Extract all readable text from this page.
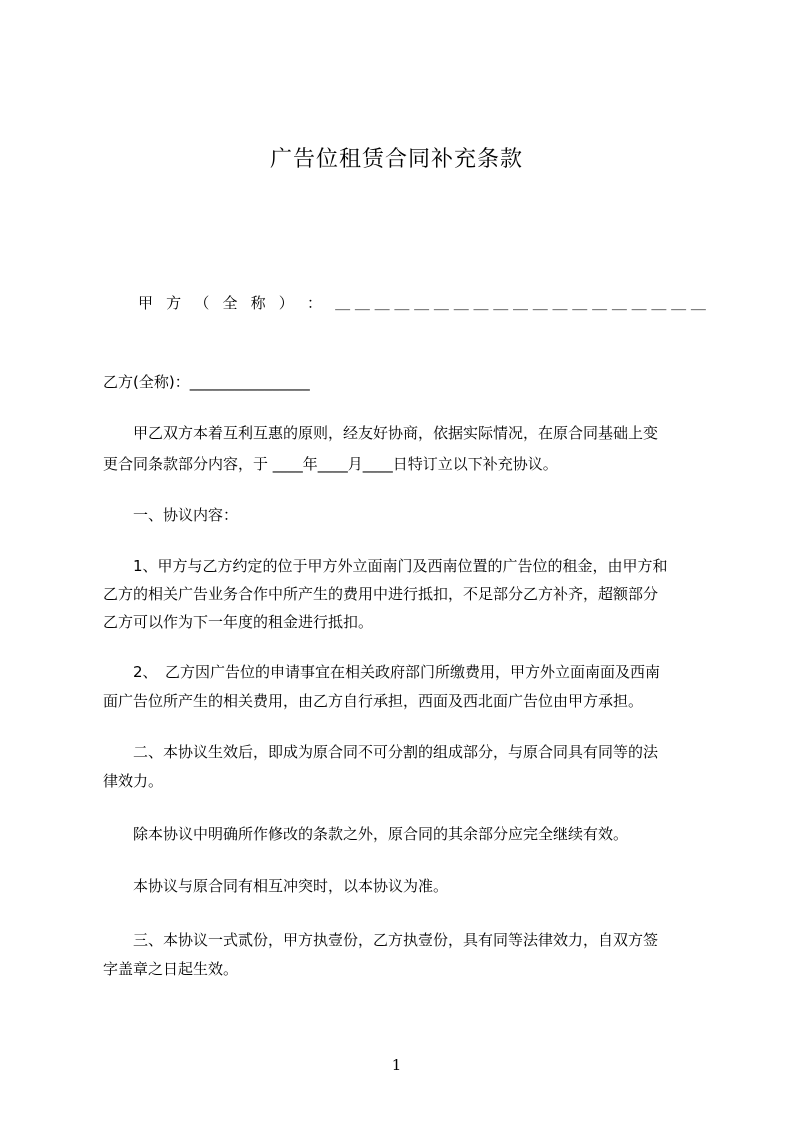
广告位租赁合同补充条款
甲 方 （ 全 称 ） ： ＿ ＿ ＿ ＿ ＿ ＿ ＿ ＿ ＿ ＿ ＿ ＿ ＿ ＿ ＿ ＿ ＿ ＿ ＿
乙方(全称)：________________

　　甲乙双方本着互利互惠的原则，经友好协商，依据实际情况，在原合同基础上变

更合同条款部分内容，于 ____年____月____日特订立以下补充协议。

　　一、协议内容：

　　1、甲方与乙方约定的位于甲方外立面南门及西南位置的广告位的租金，由甲方和

乙方的相关广告业务合作中所产生的费用中进行抵扣，不足部分乙方补齐，超额部分

乙方可以作为下一年度的租金进行抵扣。

　　2、　乙方因广告位的申请事宜在相关政府部门所缴费用，甲方外立面南面及西南

面广告位所产生的相关费用，由乙方自行承担，西面及西北面广告位由甲方承担。

　　二、本协议生效后，即成为原合同不可分割的组成部分，与原合同具有同等的法

律效力。

　　除本协议中明确所作修改的条款之外，原合同的其余部分应完全继续有效。
　　本协议与原合同有相互冲突时，以本协议为准。

　　三、本协议一式贰份，甲方执壹份，乙方执壹份，具有同等法律效力，自双方签

字盖章之日起生效。

1
